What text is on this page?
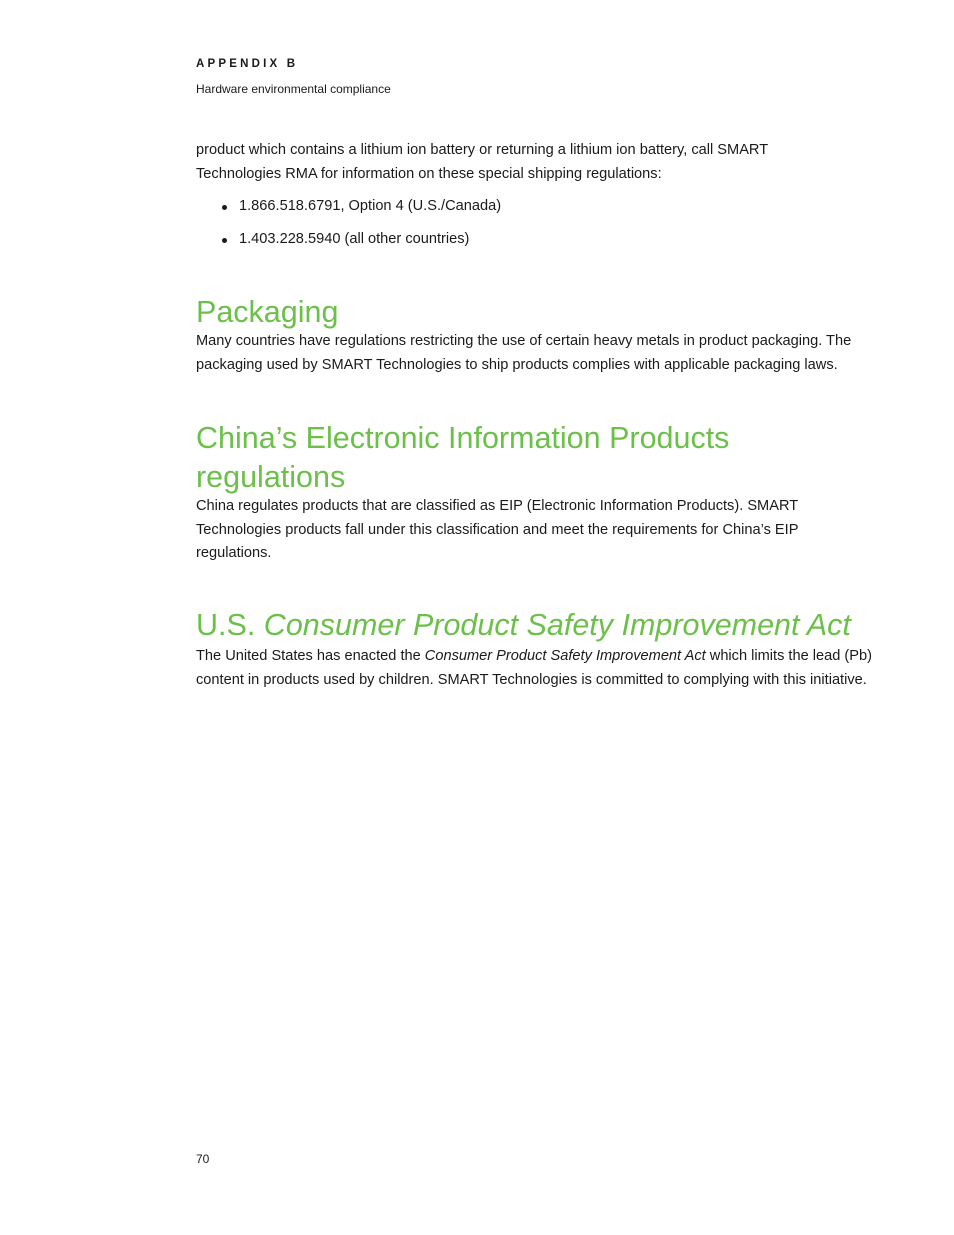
APPENDIX B
Hardware environmental compliance

product which contains a lithium ion battery or returning a lithium ion battery, call SMART Technologies RMA for information on these special shipping regulations:

1.866.518.6791, Option 4 (U.S./Canada)
1.403.228.5940 (all other countries)
Packaging

Many countries have regulations restricting the use of certain heavy metals in product packaging. The packaging used by SMART Technologies to ship products complies with applicable packaging laws.

China’s Electronic Information Products regulations

China regulates products that are classified as EIP (Electronic Information Products). SMART Technologies products fall under this classification and meet the requirements for China’s EIP regulations.

U.S. Consumer Product Safety Improvement Act

The United States has enacted the Consumer Product Safety Improvement Act which limits the lead (Pb) content in products used by children. SMART Technologies is committed to complying with this initiative.

70
